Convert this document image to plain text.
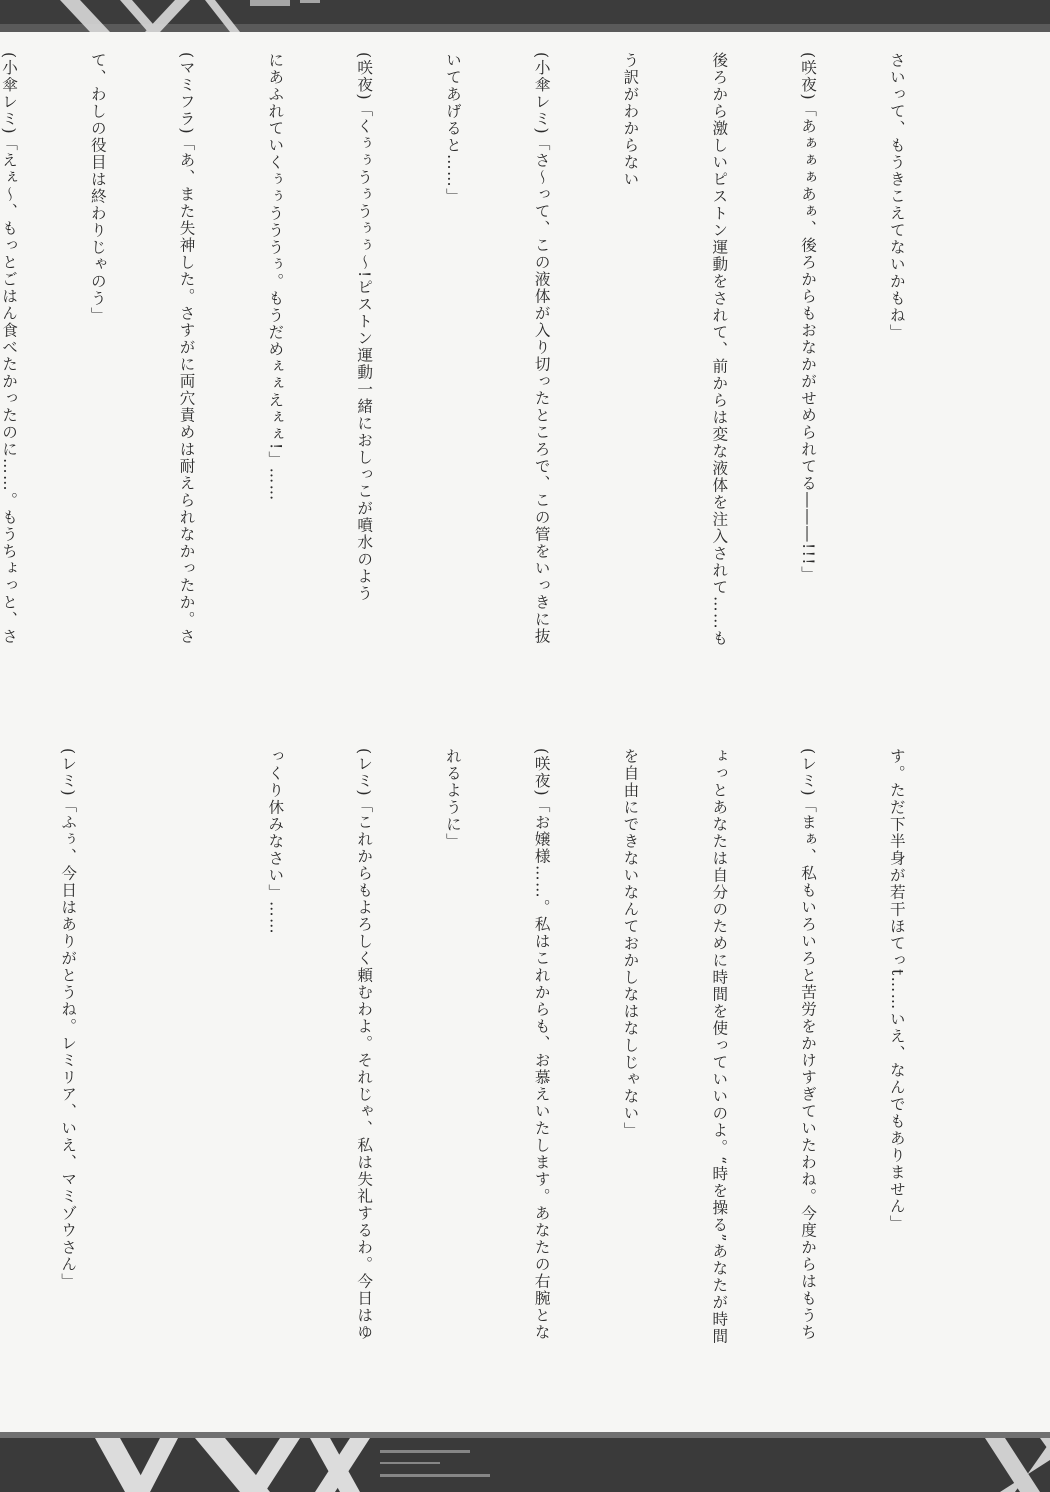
さいって、もうきこえてないかもね」

(咲夜)「あぁぁぁあぁ、後ろからもおなかがせめられてる―――!!!」

後ろから激しいピストン運動をされて、前からは変な液体を注入されて……も

う訳がわからない

(小傘レミ)「さ〜って、この液体が入り切ったところで、この管をいっきに抜

いてあげると……」

(咲夜)「くぅぅうぅうぅぅ〜!ピストン運動一緒におしっこが噴水のよう

にあふれていくぅぅうううぅ。もうだめぇぇえぇぇ!」……

(マミフラ)「あ、また失神した。さすがに両穴責めは耐えられなかったか。さ

て、わしの役目は終わりじゃのう」

(小傘レミ)「えぇ〜、もっとごはん食べたかったのに……。もうちょっと、さ

す。ただ下半身が若干ほてっt……いえ、なんでもありません」

(レミ)「まぁ、私もいろいろと苦労をかけすぎていたわね。今度からはもうち

ょっとあなたは自分のために時間を使っていいのよ。“時を操る”あなたが時間

を自由にできないなんておかしなはなしじゃない」

(咲夜)「お嬢様……。私はこれからも、お慕えいたします。あなたの右腕とな

れるように」

(レミ)「これからもよろしく頼むわよ。それじゃ、私は失礼するわ。今日はゆ

っくり休みなさい」……

(レミ)「ふぅ、今日はありがとうね。レミリア、いえ、マミゾウさん」
